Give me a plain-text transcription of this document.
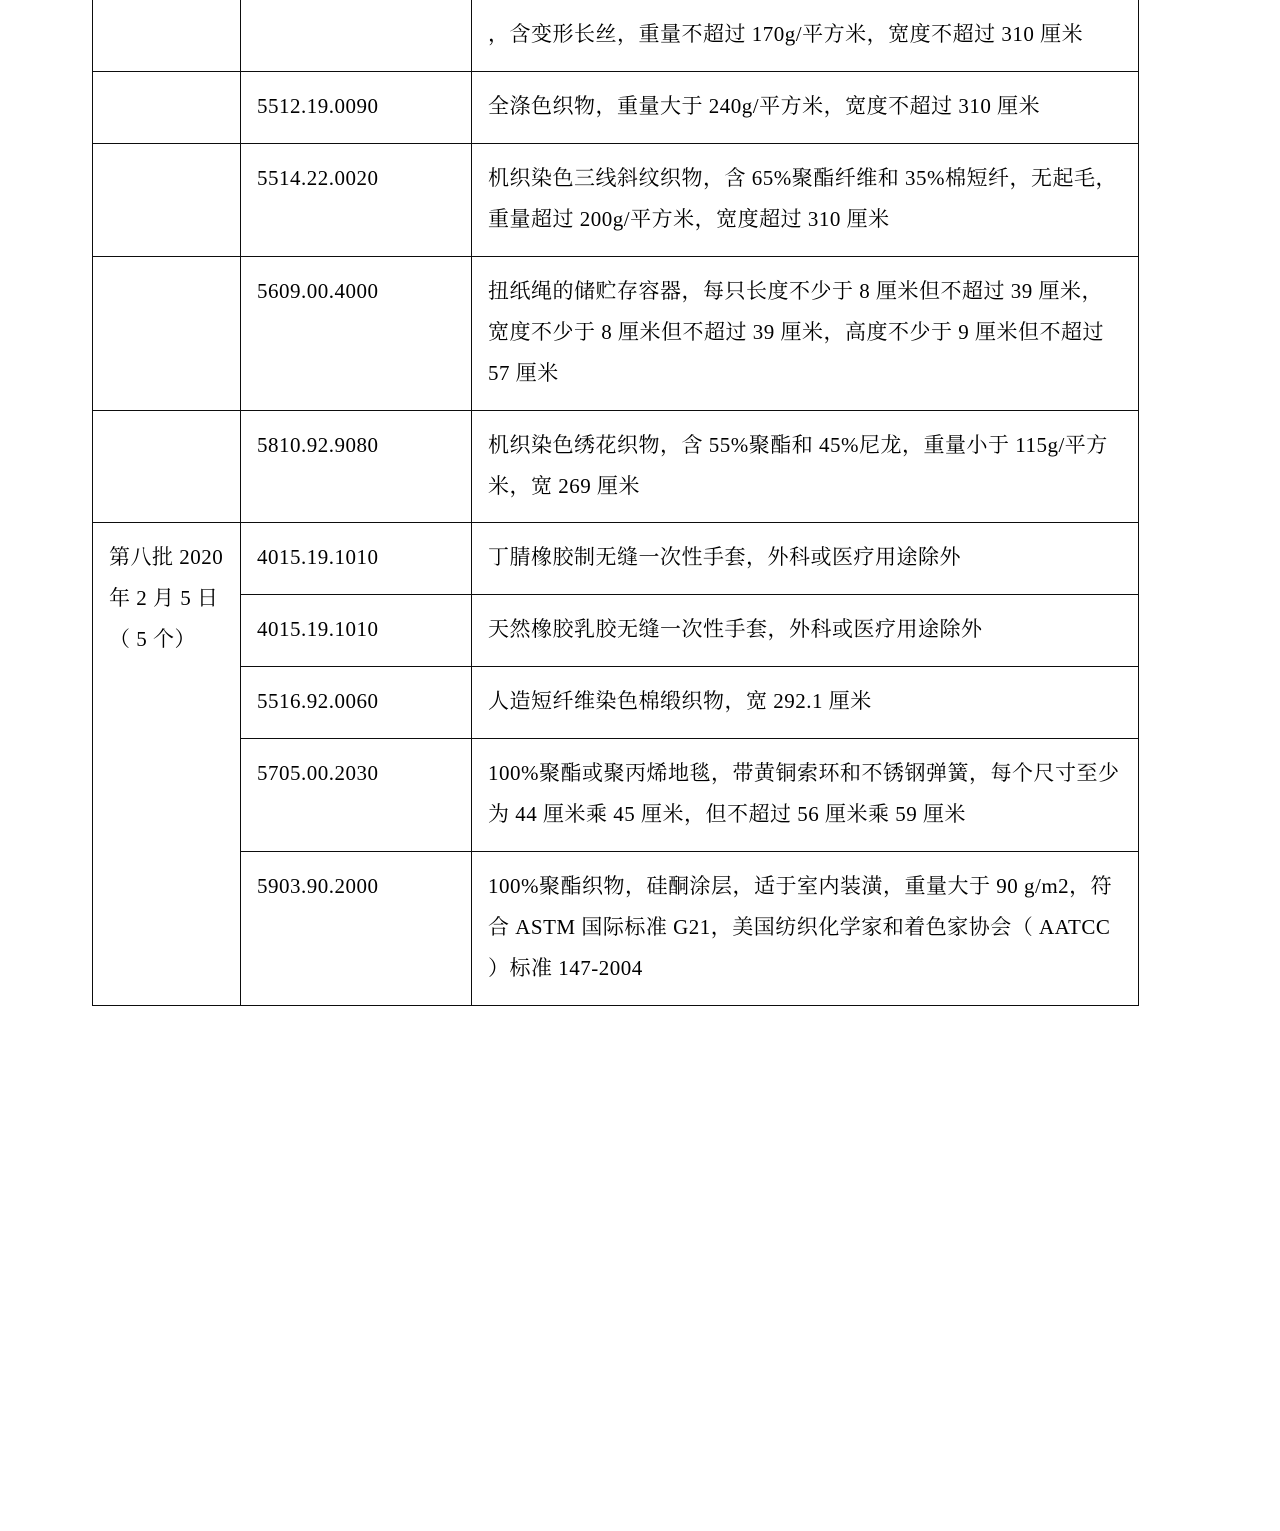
		，含变形长丝，重量不超过 170g/平方米，宽度不超过 310 厘米
	5512.19.0090	全涤色织物，重量大于 240g/平方米，宽度不超过 310 厘米
	5514.22.0020	机织染色三线斜纹织物，含 65%聚酯纤维和 35%棉短纤，无起毛，重量超过 200g/平方米，宽度超过 310 厘米
	5609.00.4000	扭纸绳的储贮存容器，每只长度不少于 8 厘米但不超过 39 厘米，宽度不少于 8 厘米但不超过 39 厘米，高度不少于 9 厘米但不超过 57 厘米
	5810.92.9080	机织染色绣花织物，含 55%聚酯和 45%尼龙，重量小于 115g/平方米，宽 269 厘米
第八批 2020 年 2 月 5 日（ 5 个）	4015.19.1010	丁腈橡胶制无缝一次性手套，外科或医疗用途除外
	4015.19.1010	天然橡胶乳胶无缝一次性手套，外科或医疗用途除外
	5516.92.0060	人造短纤维染色棉缎织物，宽 292.1 厘米
	5705.00.2030	100%聚酯或聚丙烯地毯，带黄铜索环和不锈钢弹簧，每个尺寸至少为 44 厘米乘 45 厘米，但不超过 56 厘米乘 59 厘米
	5903.90.2000	100%聚酯织物，硅酮涂层，适于室内装潢，重量大于 90 g/m2，符合 ASTM 国际标准 G21，美国纺织化学家和着色家协会（ AATCC ）标准 147-2004
